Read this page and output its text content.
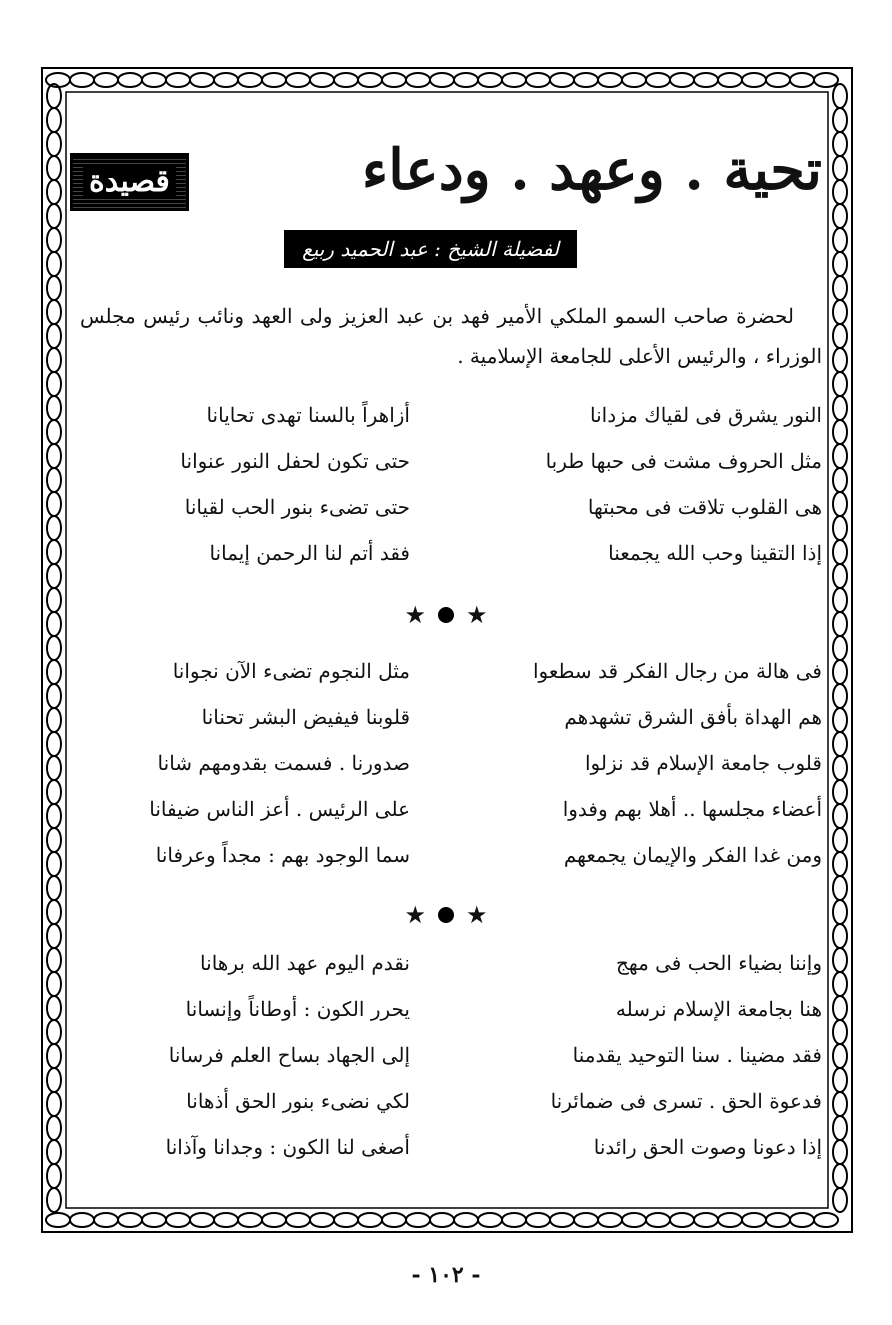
تحية . وعهد . ودعاء
قصيدة
لفضيلة الشيخ : عبد الحميد ربيع
لحضرة صاحب السمو الملكي الأمير فهد بن عبد العزيز ولى العهد ونائب رئيس مجلس الوزراء ، والرئيس الأعلى للجامعة الإسلامية .
النور يشرق فى لقياك مزدانا
أزاهراً بالسنا تهدى تحايانا
مثل الحروف مشت فى حبها طربا
حتى تكون لحفل النور عنوانا
هى القلوب تلاقت فى محبتها
حتى تضىء بنور الحب لقيانا
إذا التقينا وحب الله يجمعنا
فقد أتم لنا الرحمن إيمانا
★ ★
فى هالة من رجال الفكر قد سطعوا
مثل النجوم تضىء الآن نجوانا
هم الهداة بأفق الشرق تشهدهم
قلوبنا فيفيض البشر تحنانا
قلوب جامعة الإسلام قد نزلوا
صدورنا . فسمت بقدومهم شانا
أعضاء مجلسها .. أهلا بهم وفدوا
على الرئيس . أعز الناس ضيفانا
ومن غدا الفكر والإيمان يجمعهم
سما الوجود بهم : مجداً وعرفانا
★ ★
وإننا بضياء الحب فى مهج
نقدم اليوم عهد الله برهانا
هنا بجامعة الإسلام نرسله
يحرر الكون : أوطاناً وإنسانا
فقد مضينا . سنا التوحيد يقدمنا
إلى الجهاد بساح العلم فرسانا
فدعوة الحق . تسرى فى ضمائرنا
لكي نضىء بنور الحق أذهانا
إذا دعونا وصوت الحق رائدنا
أصغى لنا الكون : وجدانا وآذانا
- ١٠٢ -
